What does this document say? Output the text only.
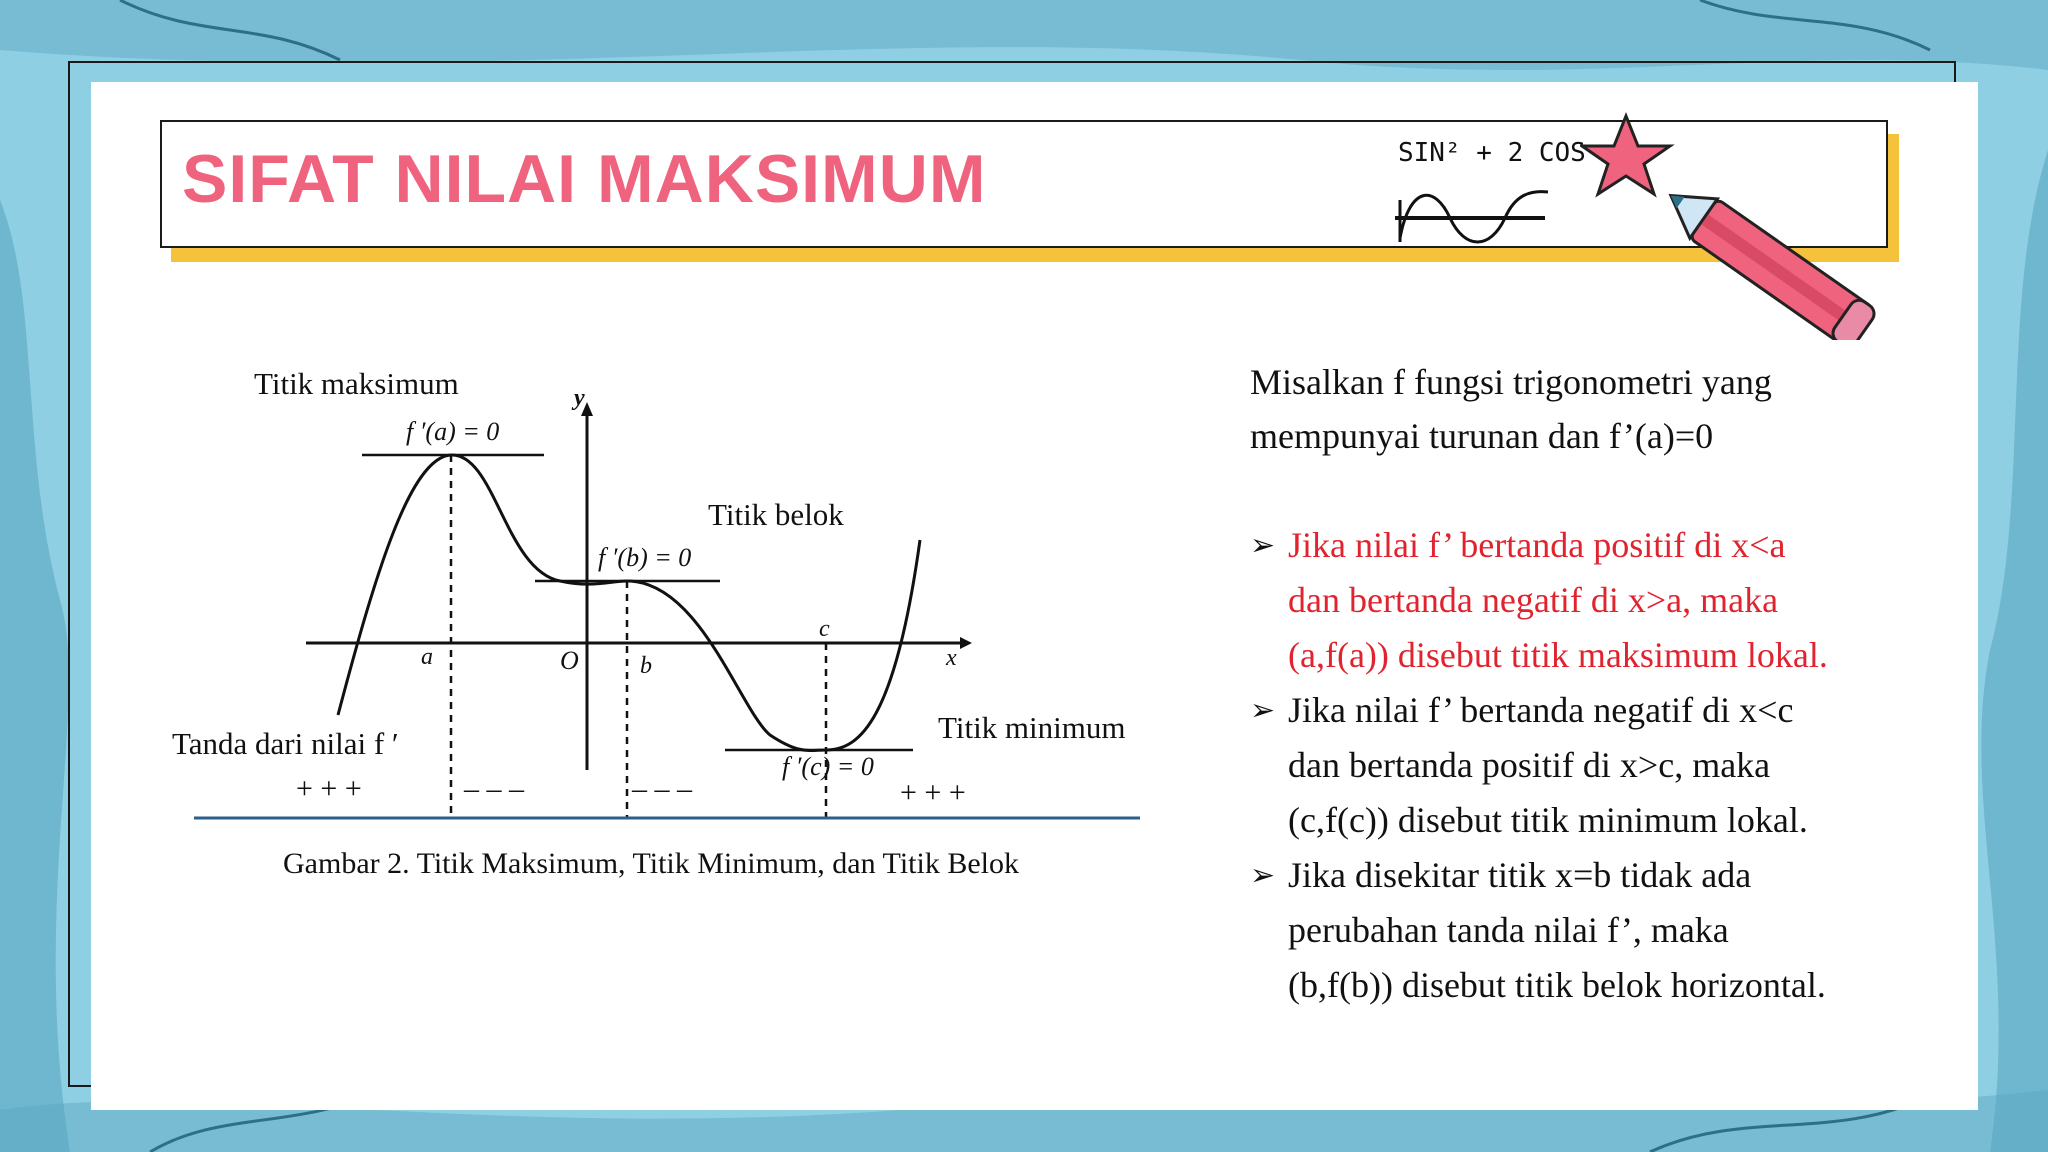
SIFAT NILAI MAKSIMUM	SIN² + 2 COS
Titik maksimum
f ′(a) = 0
Titik belok
f ′(b) = 0
Titik minimum
f ′(c) = 0
Tanda dari nilai f ′
x
y
a	b
c
O
+ + +	– – –	– – –	+ + +
Gambar 2. Titik Maksimum, Titik Minimum, dan Titik Belok
Misalkan f fungsi trigonometri yang
mempunyai turunan dan f’(a)=0
➢ Jika nilai f’ bertanda positif di x<a
dan bertanda negatif di x>a, maka
(a,f(a)) disebut titik maksimum lokal.
➢ Jika nilai f’ bertanda negatif di x<c
dan bertanda positif di x>c, maka
(c,f(c)) disebut titik minimum lokal.
➢ Jika disekitar titik x=b tidak ada
perubahan tanda nilai f’, maka
(b,f(b)) disebut titik belok horizontal.
